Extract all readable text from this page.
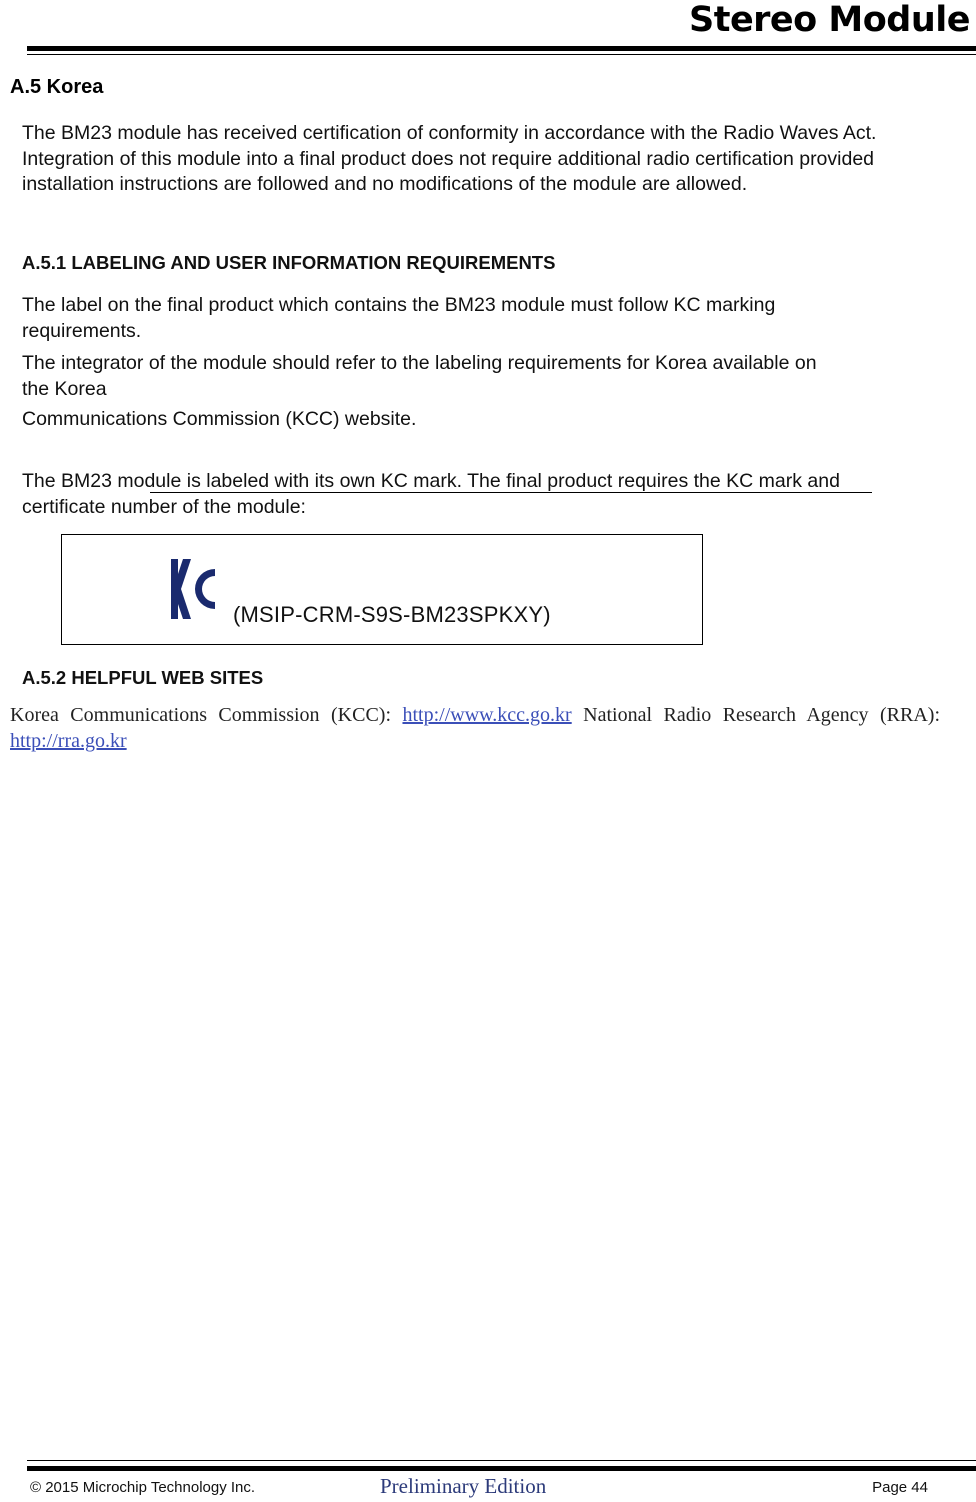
Stereo Module
A.5 Korea
The BM23 module has received certification of conformity in accordance with the Radio Waves Act. Integration of this module into a final product does not require additional radio certification provided installation instructions are followed and no modifications of the module are allowed.
A.5.1 LABELING AND USER INFORMATION REQUIREMENTS
The label on the final product which contains the BM23 module must follow KC marking requirements.
The integrator of the module should refer to the labeling requirements for Korea available on
the Korea
Communications Commission (KCC) website.
The BM23 module is labeled with its own KC mark. The final product requires the KC mark and certificate number of the module:
(MSIP-CRM-S9S-BM23SPKXY)
A.5.2 HELPFUL WEB SITES
Korea Communications Commission (KCC): http://www.kcc.go.kr National Radio Research Agency (RRA): http://rra.go.kr
© 2015 Microchip Technology Inc.	Preliminary Edition	Page 44
